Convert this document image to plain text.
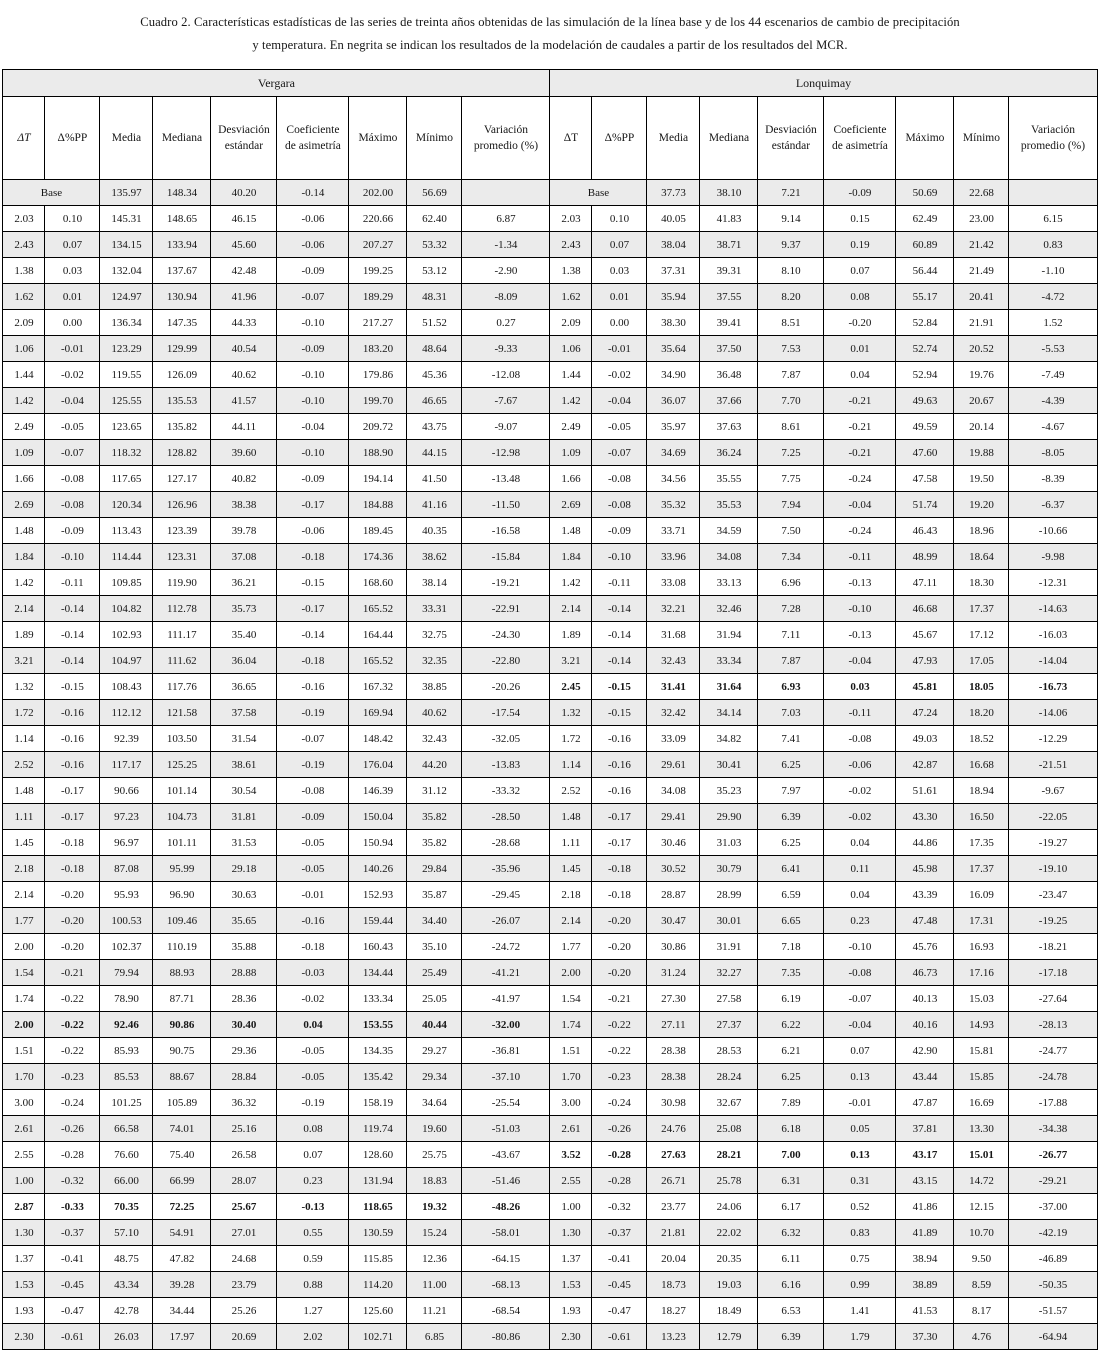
Cuadro 2. Características estadísticas de las series de treinta años obtenidas de las simulación de la línea base y de los 44 escenarios de cambio de precipitación
y temperatura. En negrita se indican los resultados de la modelación de caudales a partir de los resultados del MCR.
Vergara									Lonquimay								
ΔT	Δ%PP	Media	Mediana	Desviación estándar	Coeficiente de asimetría	Máximo	Mínimo	Variación promedio (%)	ΔT	Δ%PP	Media	Mediana	Desviación estándar	Coeficiente de asimetría	Máximo	Mínimo	Variación promedio (%)
Base		135.97	148.34	40.20	-0.14	202.00	56.69		Base		37.73	38.10	7.21	-0.09	50.69	22.68	
2.03	0.10	145.31	148.65	46.15	-0.06	220.66	62.40	6.87	2.03	0.10	40.05	41.83	9.14	0.15	62.49	23.00	6.15
2.43	0.07	134.15	133.94	45.60	-0.06	207.27	53.32	-1.34	2.43	0.07	38.04	38.71	9.37	0.19	60.89	21.42	0.83
1.38	0.03	132.04	137.67	42.48	-0.09	199.25	53.12	-2.90	1.38	0.03	37.31	39.31	8.10	0.07	56.44	21.49	-1.10
1.62	0.01	124.97	130.94	41.96	-0.07	189.29	48.31	-8.09	1.62	0.01	35.94	37.55	8.20	0.08	55.17	20.41	-4.72
2.09	0.00	136.34	147.35	44.33	-0.10	217.27	51.52	0.27	2.09	0.00	38.30	39.41	8.51	-0.20	52.84	21.91	1.52
1.06	-0.01	123.29	129.99	40.54	-0.09	183.20	48.64	-9.33	1.06	-0.01	35.64	37.50	7.53	0.01	52.74	20.52	-5.53
1.44	-0.02	119.55	126.09	40.62	-0.10	179.86	45.36	-12.08	1.44	-0.02	34.90	36.48	7.87	0.04	52.94	19.76	-7.49
1.42	-0.04	125.55	135.53	41.57	-0.10	199.70	46.65	-7.67	1.42	-0.04	36.07	37.66	7.70	-0.21	49.63	20.67	-4.39
2.49	-0.05	123.65	135.82	44.11	-0.04	209.72	43.75	-9.07	2.49	-0.05	35.97	37.63	8.61	-0.21	49.59	20.14	-4.67
1.09	-0.07	118.32	128.82	39.60	-0.10	188.90	44.15	-12.98	1.09	-0.07	34.69	36.24	7.25	-0.21	47.60	19.88	-8.05
1.66	-0.08	117.65	127.17	40.82	-0.09	194.14	41.50	-13.48	1.66	-0.08	34.56	35.55	7.75	-0.24	47.58	19.50	-8.39
2.69	-0.08	120.34	126.96	38.38	-0.17	184.88	41.16	-11.50	2.69	-0.08	35.32	35.53	7.94	-0.04	51.74	19.20	-6.37
1.48	-0.09	113.43	123.39	39.78	-0.06	189.45	40.35	-16.58	1.48	-0.09	33.71	34.59	7.50	-0.24	46.43	18.96	-10.66
1.84	-0.10	114.44	123.31	37.08	-0.18	174.36	38.62	-15.84	1.84	-0.10	33.96	34.08	7.34	-0.11	48.99	18.64	-9.98
1.42	-0.11	109.85	119.90	36.21	-0.15	168.60	38.14	-19.21	1.42	-0.11	33.08	33.13	6.96	-0.13	47.11	18.30	-12.31
2.14	-0.14	104.82	112.78	35.73	-0.17	165.52	33.31	-22.91	2.14	-0.14	32.21	32.46	7.28	-0.10	46.68	17.37	-14.63
1.89	-0.14	102.93	111.17	35.40	-0.14	164.44	32.75	-24.30	1.89	-0.14	31.68	31.94	7.11	-0.13	45.67	17.12	-16.03
3.21	-0.14	104.97	111.62	36.04	-0.18	165.52	32.35	-22.80	3.21	-0.14	32.43	33.34	7.87	-0.04	47.93	17.05	-14.04
1.32	-0.15	108.43	117.76	36.65	-0.16	167.32	38.85	-20.26	2.45	-0.15	31.41	31.64	6.93	0.03	45.81	18.05	-16.73
1.72	-0.16	112.12	121.58	37.58	-0.19	169.94	40.62	-17.54	1.32	-0.15	32.42	34.14	7.03	-0.11	47.24	18.20	-14.06
1.14	-0.16	92.39	103.50	31.54	-0.07	148.42	32.43	-32.05	1.72	-0.16	33.09	34.82	7.41	-0.08	49.03	18.52	-12.29
2.52	-0.16	117.17	125.25	38.61	-0.19	176.04	44.20	-13.83	1.14	-0.16	29.61	30.41	6.25	-0.06	42.87	16.68	-21.51
1.48	-0.17	90.66	101.14	30.54	-0.08	146.39	31.12	-33.32	2.52	-0.16	34.08	35.23	7.97	-0.02	51.61	18.94	-9.67
1.11	-0.17	97.23	104.73	31.81	-0.09	150.04	35.82	-28.50	1.48	-0.17	29.41	29.90	6.39	-0.02	43.30	16.50	-22.05
1.45	-0.18	96.97	101.11	31.53	-0.05	150.94	35.82	-28.68	1.11	-0.17	30.46	31.03	6.25	0.04	44.86	17.35	-19.27
2.18	-0.18	87.08	95.99	29.18	-0.05	140.26	29.84	-35.96	1.45	-0.18	30.52	30.79	6.41	0.11	45.98	17.37	-19.10
2.14	-0.20	95.93	96.90	30.63	-0.01	152.93	35.87	-29.45	2.18	-0.18	28.87	28.99	6.59	0.04	43.39	16.09	-23.47
1.77	-0.20	100.53	109.46	35.65	-0.16	159.44	34.40	-26.07	2.14	-0.20	30.47	30.01	6.65	0.23	47.48	17.31	-19.25
2.00	-0.20	102.37	110.19	35.88	-0.18	160.43	35.10	-24.72	1.77	-0.20	30.86	31.91	7.18	-0.10	45.76	16.93	-18.21
1.54	-0.21	79.94	88.93	28.88	-0.03	134.44	25.49	-41.21	2.00	-0.20	31.24	32.27	7.35	-0.08	46.73	17.16	-17.18
1.74	-0.22	78.90	87.71	28.36	-0.02	133.34	25.05	-41.97	1.54	-0.21	27.30	27.58	6.19	-0.07	40.13	15.03	-27.64
2.00	-0.22	92.46	90.86	30.40	0.04	153.55	40.44	-32.00	1.74	-0.22	27.11	27.37	6.22	-0.04	40.16	14.93	-28.13
1.51	-0.22	85.93	90.75	29.36	-0.05	134.35	29.27	-36.81	1.51	-0.22	28.38	28.53	6.21	0.07	42.90	15.81	-24.77
1.70	-0.23	85.53	88.67	28.84	-0.05	135.42	29.34	-37.10	1.70	-0.23	28.38	28.24	6.25	0.13	43.44	15.85	-24.78
3.00	-0.24	101.25	105.89	36.32	-0.19	158.19	34.64	-25.54	3.00	-0.24	30.98	32.67	7.89	-0.01	47.87	16.69	-17.88
2.61	-0.26	66.58	74.01	25.16	0.08	119.74	19.60	-51.03	2.61	-0.26	24.76	25.08	6.18	0.05	37.81	13.30	-34.38
2.55	-0.28	76.60	75.40	26.58	0.07	128.60	25.75	-43.67	3.52	-0.28	27.63	28.21	7.00	0.13	43.17	15.01	-26.77
1.00	-0.32	66.00	66.99	28.07	0.23	131.94	18.83	-51.46	2.55	-0.28	26.71	25.78	6.31	0.31	43.15	14.72	-29.21
2.87	-0.33	70.35	72.25	25.67	-0.13	118.65	19.32	-48.26	1.00	-0.32	23.77	24.06	6.17	0.52	41.86	12.15	-37.00
1.30	-0.37	57.10	54.91	27.01	0.55	130.59	15.24	-58.01	1.30	-0.37	21.81	22.02	6.32	0.83	41.89	10.70	-42.19
1.37	-0.41	48.75	47.82	24.68	0.59	115.85	12.36	-64.15	1.37	-0.41	20.04	20.35	6.11	0.75	38.94	9.50	-46.89
1.53	-0.45	43.34	39.28	23.79	0.88	114.20	11.00	-68.13	1.53	-0.45	18.73	19.03	6.16	0.99	38.89	8.59	-50.35
1.93	-0.47	42.78	34.44	25.26	1.27	125.60	11.21	-68.54	1.93	-0.47	18.27	18.49	6.53	1.41	41.53	8.17	-51.57
2.30	-0.61	26.03	17.97	20.69	2.02	102.71	6.85	-80.86	2.30	-0.61	13.23	12.79	6.39	1.79	37.30	4.76	-64.94
